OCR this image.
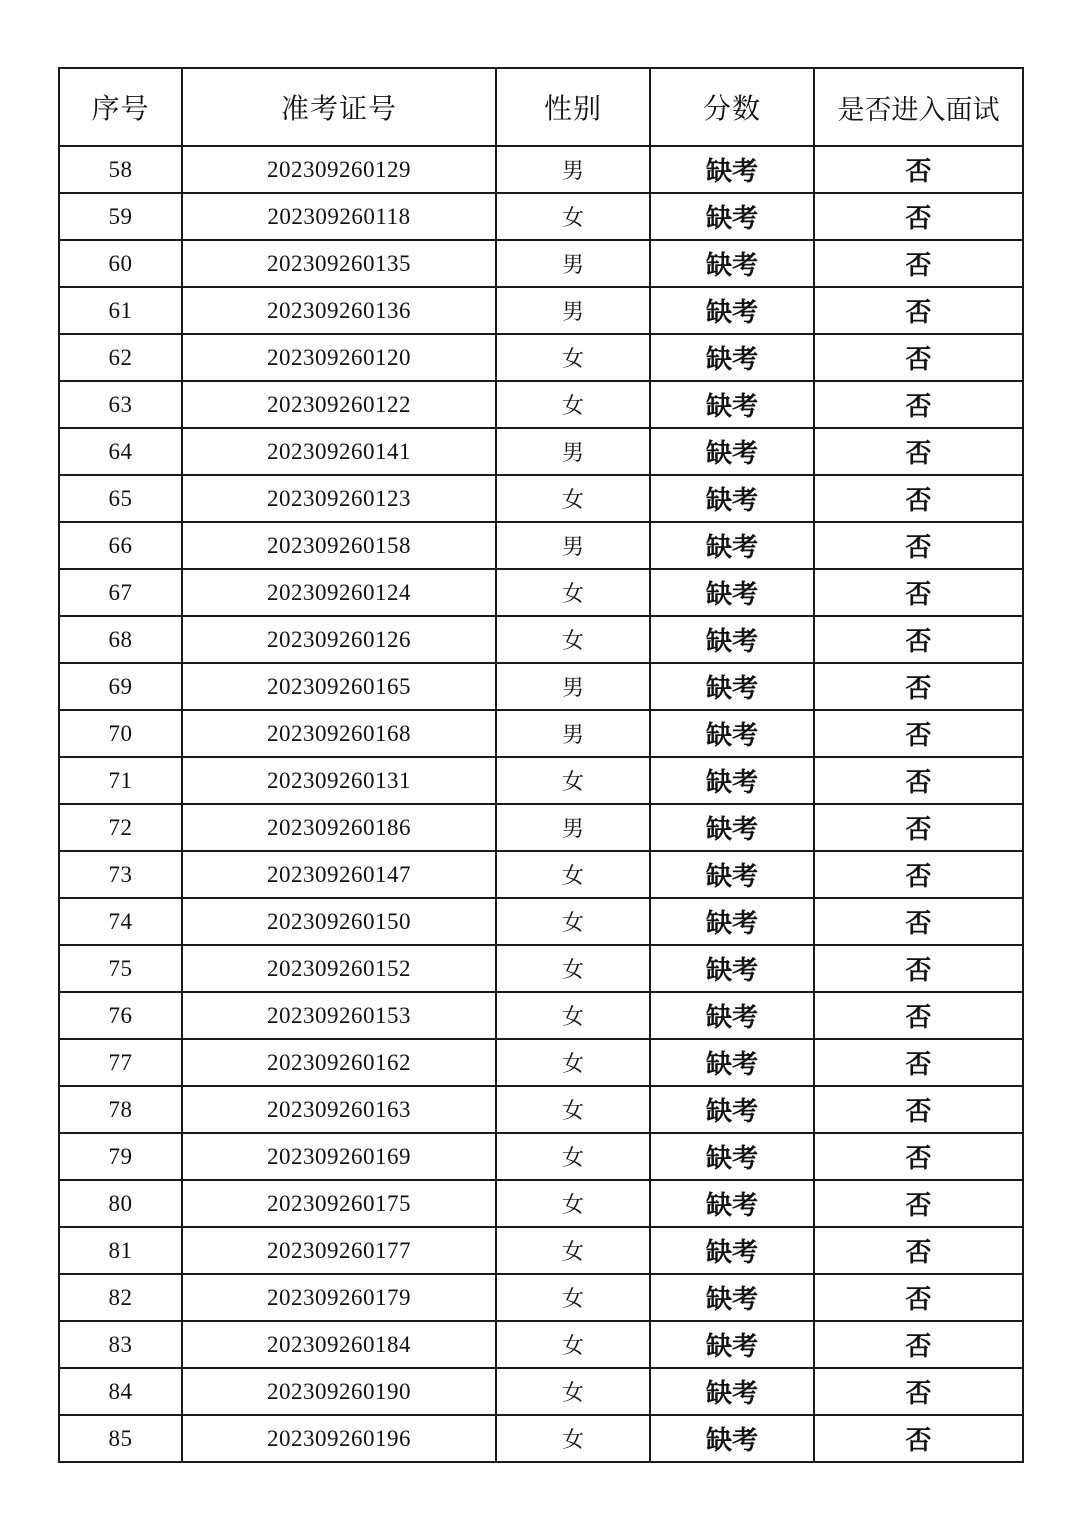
序号	准考证号	性别	分数	是否进入面试
58	202309260129	男	缺考	否
59	202309260118	女	缺考	否
60	202309260135	男	缺考	否
61	202309260136	男	缺考	否
62	202309260120	女	缺考	否
63	202309260122	女	缺考	否
64	202309260141	男	缺考	否
65	202309260123	女	缺考	否
66	202309260158	男	缺考	否
67	202309260124	女	缺考	否
68	202309260126	女	缺考	否
69	202309260165	男	缺考	否
70	202309260168	男	缺考	否
71	202309260131	女	缺考	否
72	202309260186	男	缺考	否
73	202309260147	女	缺考	否
74	202309260150	女	缺考	否
75	202309260152	女	缺考	否
76	202309260153	女	缺考	否
77	202309260162	女	缺考	否
78	202309260163	女	缺考	否
79	202309260169	女	缺考	否
80	202309260175	女	缺考	否
81	202309260177	女	缺考	否
82	202309260179	女	缺考	否
83	202309260184	女	缺考	否
84	202309260190	女	缺考	否
85	202309260196	女	缺考	否
